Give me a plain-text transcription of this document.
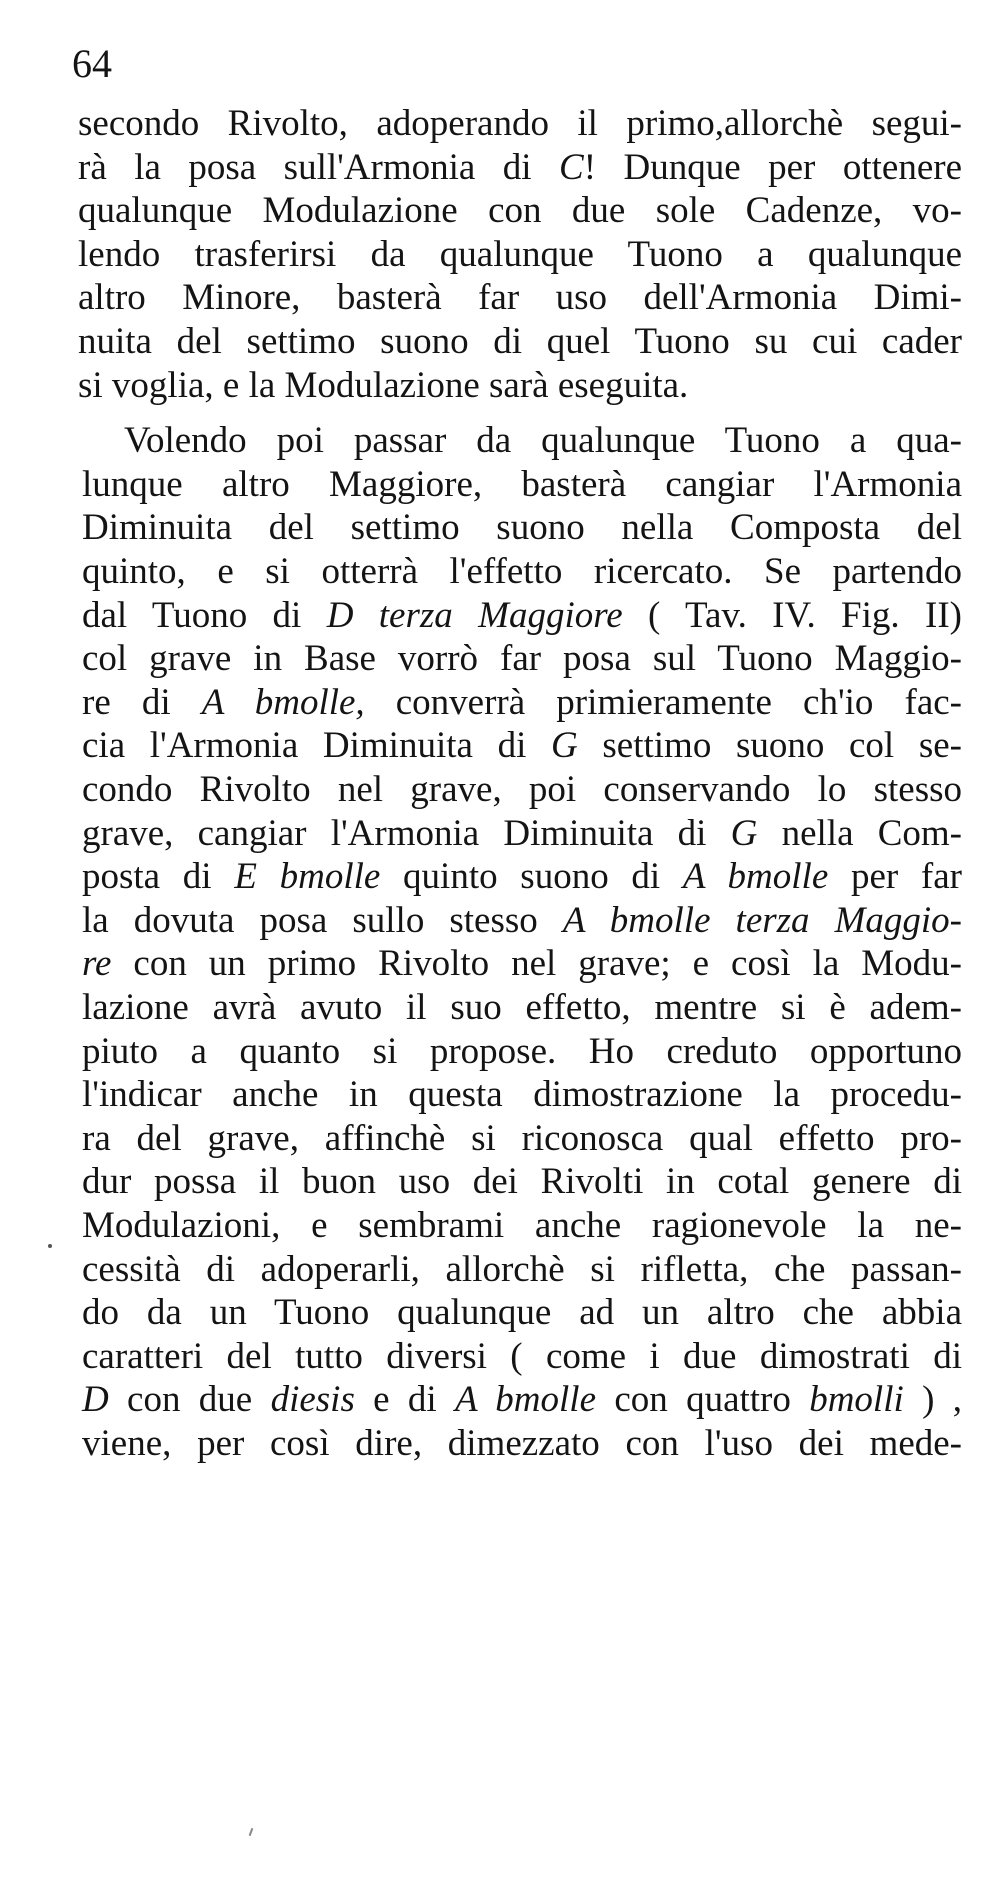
64
secondo Rivolto, adoperando il primo,allorchè segui-
rà la posa sull'Armonia di C! Dunque per ottenere
qualunque Modulazione con due sole Cadenze, vo-
lendo trasferirsi da qualunque Tuono a qualunque
altro Minore, basterà far uso dell'Armonia Dimi-
nuita del settimo suono di quel Tuono su cui cader
si voglia, e la Modulazione sarà eseguita.
Volendo poi passar da qualunque Tuono a qua-
lunque altro Maggiore, basterà cangiar l'Armonia
Diminuita del settimo suono nella Composta del
quinto, e si otterrà l'effetto ricercato. Se partendo
dal Tuono di D terza Maggiore ( Tav. IV. Fig. II)
col grave in Base vorrò far posa sul Tuono Maggio-
re di A bmolle, converrà primieramente ch'io fac-
cia l'Armonia Diminuita di G settimo suono col se-
condo Rivolto nel grave, poi conservando lo stesso
grave, cangiar l'Armonia Diminuita di G nella Com-
posta di E bmolle quinto suono di A bmolle per far
la dovuta posa sullo stesso A bmolle terza Maggio-
re con un primo Rivolto nel grave; e così la Modu-
lazione avrà avuto il suo effetto, mentre si è adem-
piuto a quanto si propose. Ho creduto opportuno
l'indicar anche in questa dimostrazione la procedu-
ra del grave, affinchè si riconosca qual effetto pro-
dur possa il buon uso dei Rivolti in cotal genere di
Modulazioni, e sembrami anche ragionevole la ne-
cessità di adoperarli, allorchè si rifletta, che passan-
do da un Tuono qualunque ad un altro che abbia
caratteri del tutto diversi ( come i due dimostrati di
D con due diesis e di A bmolle con quattro bmolli ) ,
viene, per così dire, dimezzato con l'uso dei mede-
